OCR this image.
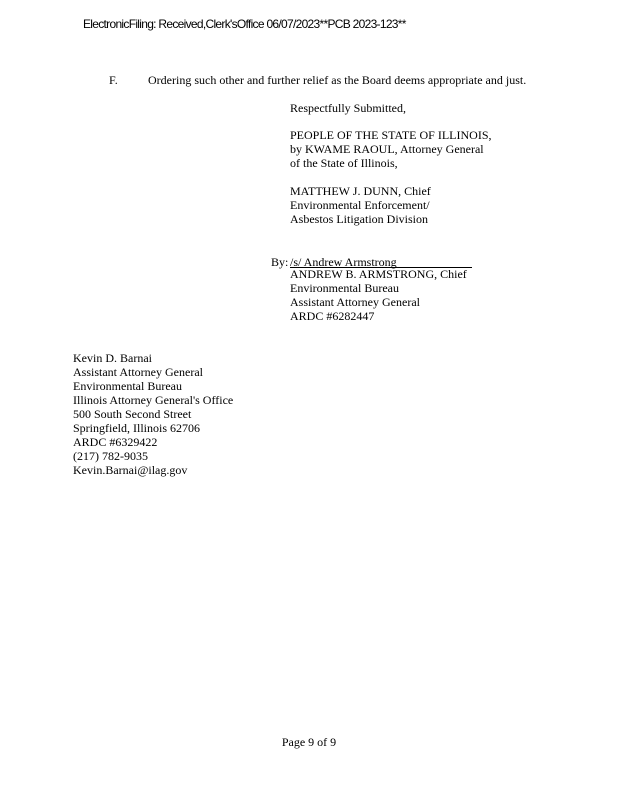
ElectronicFiling: Received,Clerk'sOffice 06/07/2023**PCB 2023-123**
F.	Ordering such other and further relief as the Board deems appropriate and just.
Respectfully Submitted,
PEOPLE OF THE STATE OF ILLINOIS,
by KWAME RAOUL, Attorney General
of the State of Illinois,
MATTHEW J. DUNN, Chief
Environmental Enforcement/
Asbestos Litigation Division
By: /s/ Andrew Armstrong
ANDREW B. ARMSTRONG, Chief
Environmental Bureau
Assistant Attorney General
ARDC #6282447
Kevin D. Barnai
Assistant Attorney General
Environmental Bureau
Illinois Attorney General's Office
500 South Second Street
Springfield, Illinois 62706
ARDC #6329422
(217) 782-9035
Kevin.Barnai@ilag.gov
Page 9 of 9
